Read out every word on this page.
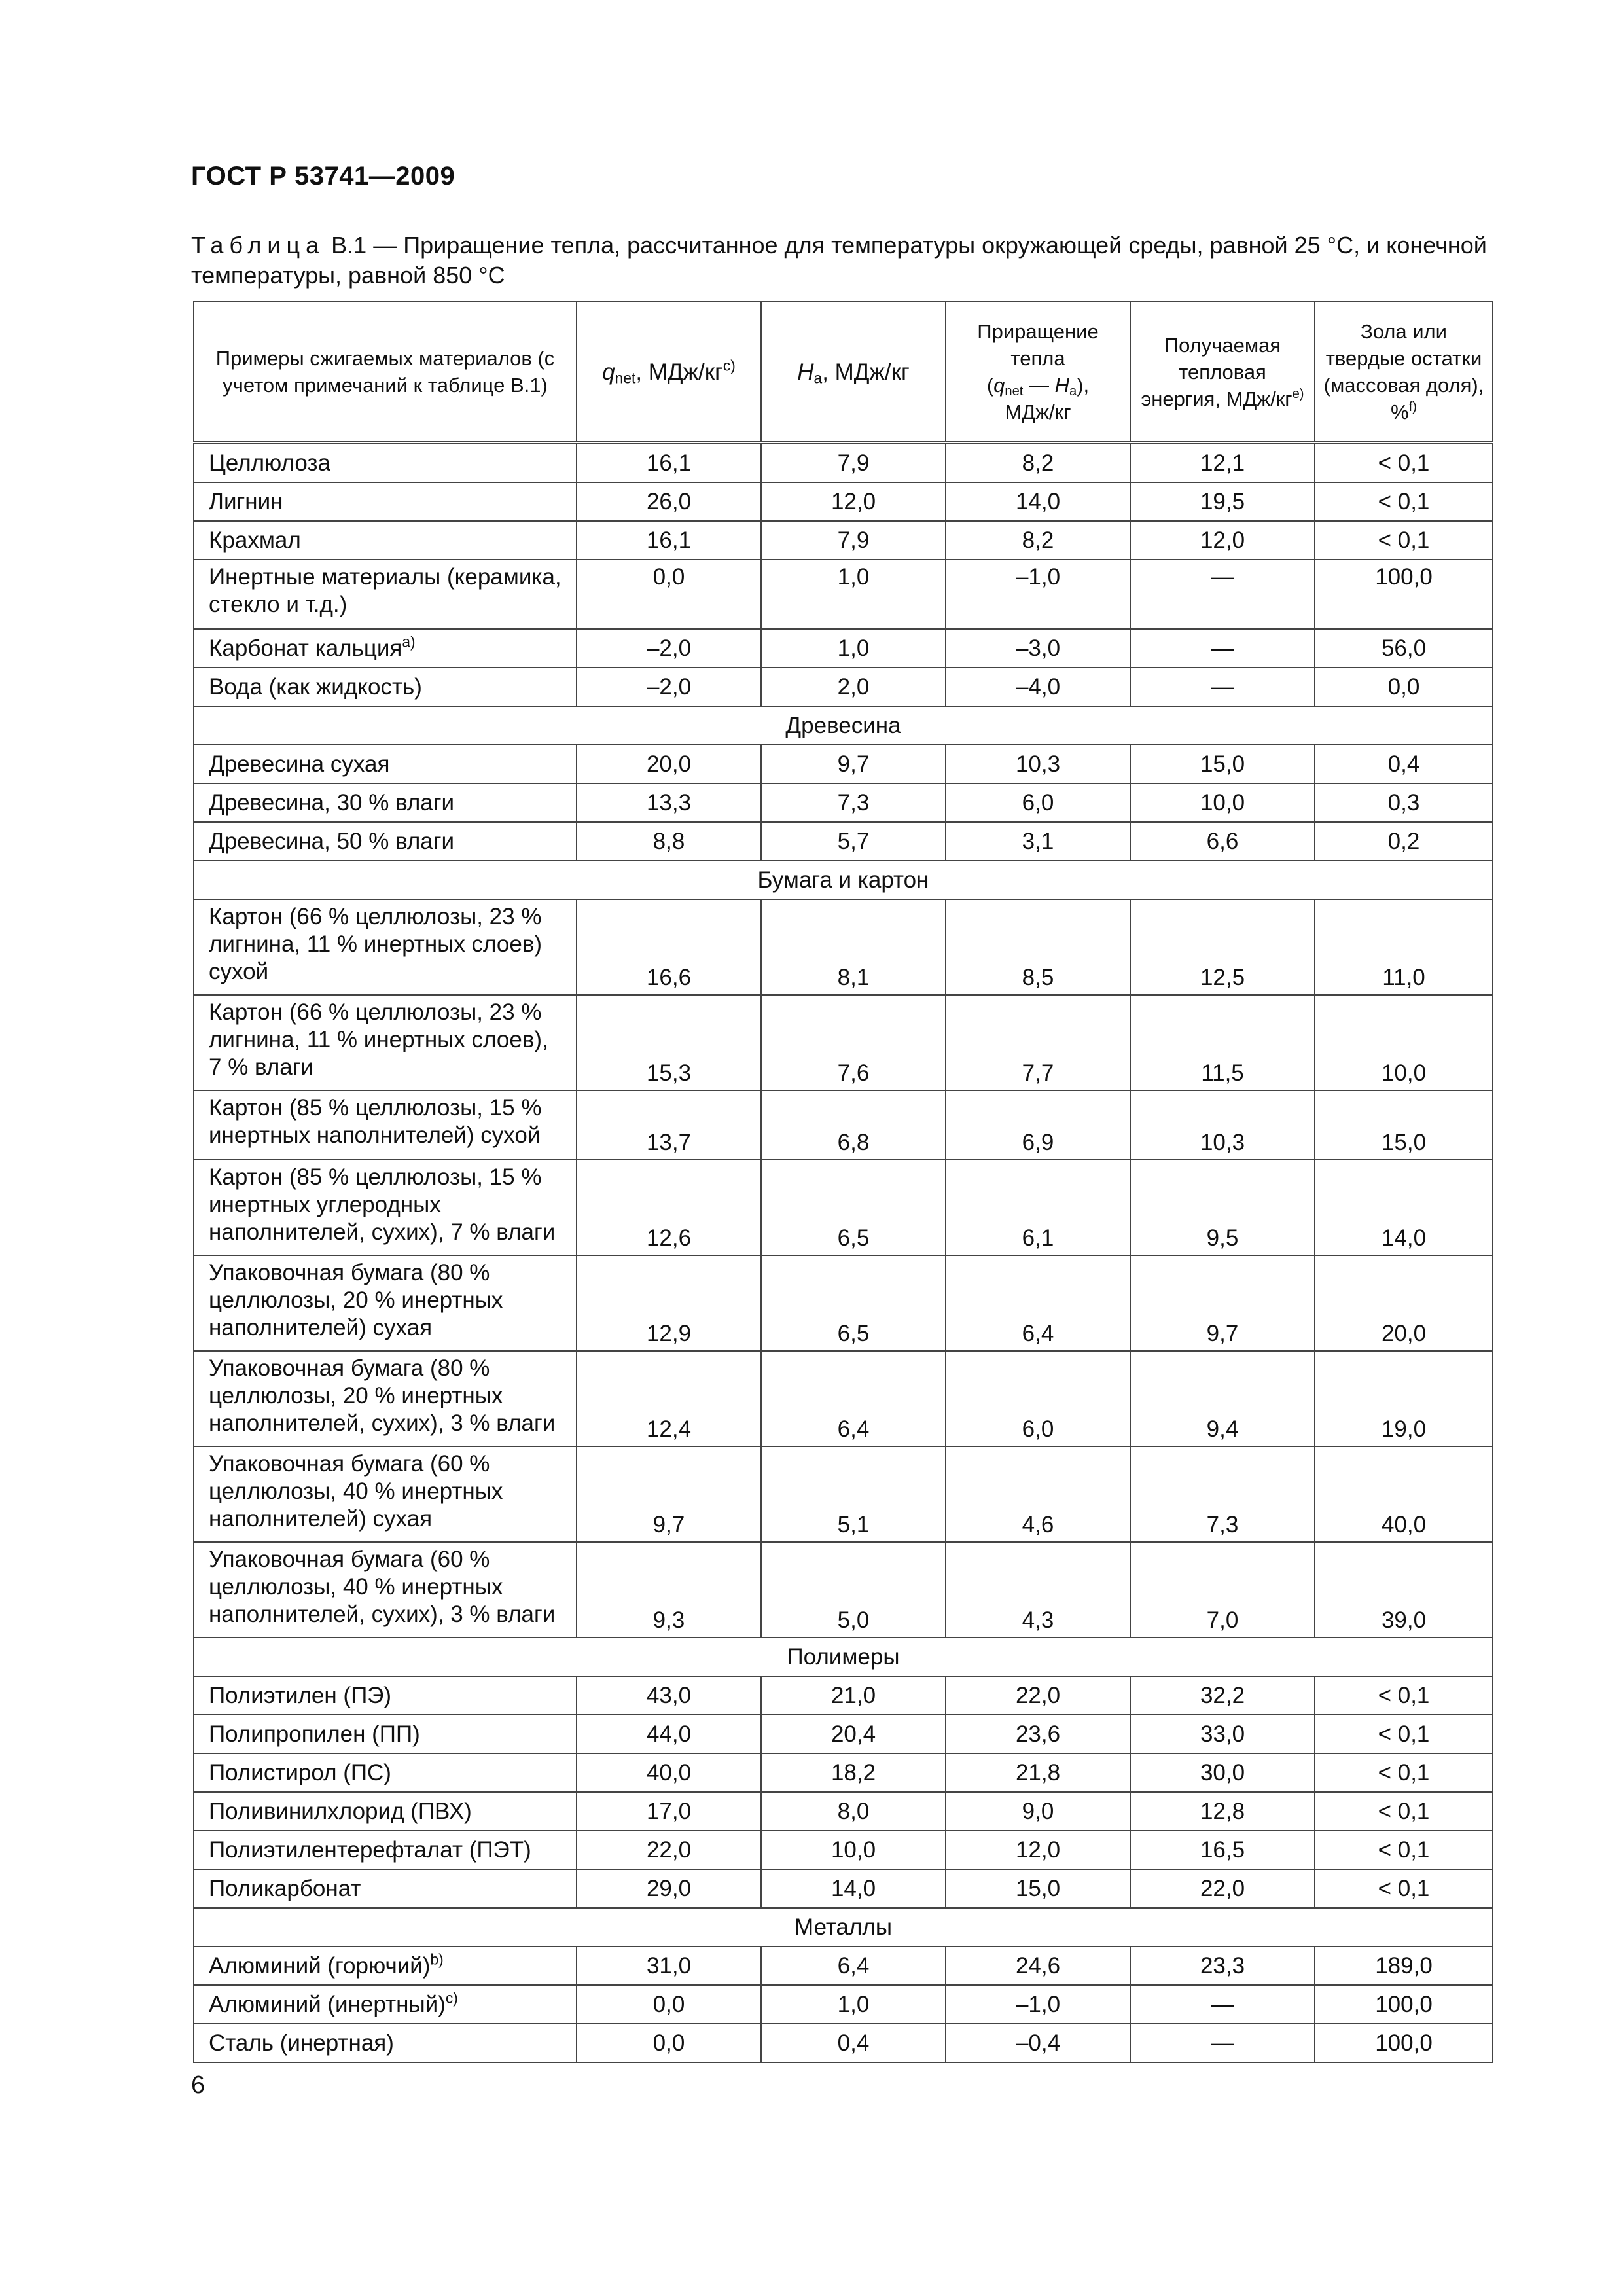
ГОСТ Р 53741—2009
Таблица В.1 — Приращение тепла, рассчитанное для температуры окружающей среды, равной 25 °С, и конечной температуры, равной 850 °С
Примеры сжигаемых материалов (с учетом примечаний к таблице В.1)	$q_{net}$, МДж/$кг^{c)}$	$H_a$, МДж/кг	Приращение тепла
($q_{net}$ — $H_a$),
МДж/кг	Получаемая тепловая энергия, МДж/$кг^{е)}$	Зола или твердые остатки (массовая доля), %$^{f)}$
Целлюлоза	16,1	7,9	8,2	12,1	< 0,1
Лигнин	26,0	12,0	14,0	19,5	< 0,1
Крахмал	16,1	7,9	8,2	12,0	< 0,1
Инертные материалы (керамика, стекло и т.д.)	0,0	1,0	–1,0	—	100,0
Карбонат кальция$^{а)}$	–2,0	1,0	–3,0	—	56,0
Вода (как жидкость)	–2,0	2,0	–4,0	—	0,0
Древесина					
Древесина сухая	20,0	9,7	10,3	15,0	0,4
Древесина, 30 % влаги	13,3	7,3	6,0	10,0	0,3
Древесина, 50 % влаги	8,8	5,7	3,1	6,6	0,2
Бумага и картон					
Картон (66 % целлюлозы, 23 % лигнина, 11 % инертных слоев) сухой	16,6	8,1	8,5	12,5	11,0
Картон (66 % целлюлозы, 23 % лигнина, 11 % инертных слоев), 7 % влаги	15,3	7,6	7,7	11,5	10,0
Картон (85 % целлюлозы, 15 % инертных наполнителей) сухой	13,7	6,8	6,9	10,3	15,0
Картон (85 % целлюлозы, 15 % инертных углеродных наполнителей, сухих), 7 % влаги	12,6	6,5	6,1	9,5	14,0
Упаковочная бумага (80 % целлюлозы, 20 % инертных наполнителей) сухая	12,9	6,5	6,4	9,7	20,0
Упаковочная бумага (80 % целлюлозы, 20 % инертных наполнителей, сухих), 3 % влаги	12,4	6,4	6,0	9,4	19,0
Упаковочная бумага (60 % целлюлозы, 40 % инертных наполнителей) сухая	9,7	5,1	4,6	7,3	40,0
Упаковочная бумага (60 % целлюлозы, 40 % инертных наполнителей, сухих), 3 % влаги	9,3	5,0	4,3	7,0	39,0
Полимеры					
Полиэтилен (ПЭ)	43,0	21,0	22,0	32,2	< 0,1
Полипропилен (ПП)	44,0	20,4	23,6	33,0	< 0,1
Полистирол (ПС)	40,0	18,2	21,8	30,0	< 0,1
Поливинилхлорид (ПВХ)	17,0	8,0	9,0	12,8	< 0,1
Полиэтилентерефталат (ПЭТ)	22,0	10,0	12,0	16,5	< 0,1
Поликарбонат	29,0	14,0	15,0	22,0	< 0,1
Металлы					
Алюминий (горючий)$^{b)}$	31,0	6,4	24,6	23,3	189,0
Алюминий (инертный)$^{c)}$	0,0	1,0	–1,0	—	100,0
Сталь (инертная)	0,0	0,4	–0,4	—	100,0
6
